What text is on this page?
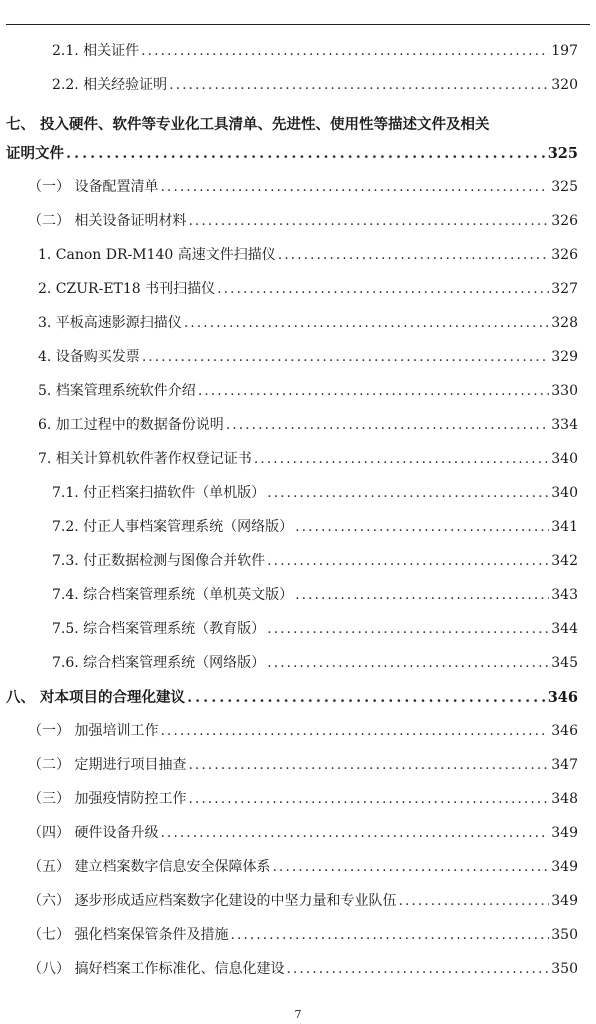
2.1. 相关证件 .....	197
2.2. 相关经验证明 .....	320
七、 投入硬件、软件等专业化工具清单、先进性、使用性等描述文件及相关
证明文件 .....	325
（一） 设备配置清单 .....	325
（二） 相关设备证明材料 .....	326
1. Canon DR-M140 高速文件扫描仪 .....	326
2. CZUR-ET18 书刊扫描仪 .....	327
3. 平板高速影源扫描仪 .....	328
4. 设备购买发票 .....	329
5. 档案管理系统软件介绍 .....	330
6. 加工过程中的数据备份说明 .....	334
7. 相关计算机软件著作权登记证书 .....	340
7.1. 付正档案扫描软件（单机版） .....	340
7.2. 付正人事档案管理系统（网络版） .....	341
7.3. 付正数据检测与图像合并软件 .....	342
7.4. 综合档案管理系统（单机英文版） .....	343
7.5. 综合档案管理系统（教育版） .....	344
7.6. 综合档案管理系统（网络版） .....	345
八、 对本项目的合理化建议 .....	346
（一） 加强培训工作 .....	346
（二） 定期进行项目抽查 .....	347
（三） 加强疫情防控工作 .....	348
（四） 硬件设备升级 .....	349
（五） 建立档案数字信息安全保障体系 .....	349
（六） 逐步形成适应档案数字化建设的中坚力量和专业队伍 .....	349
（七） 强化档案保管条件及措施 .....	350
（八） 搞好档案工作标准化、信息化建设 .....	350
7
